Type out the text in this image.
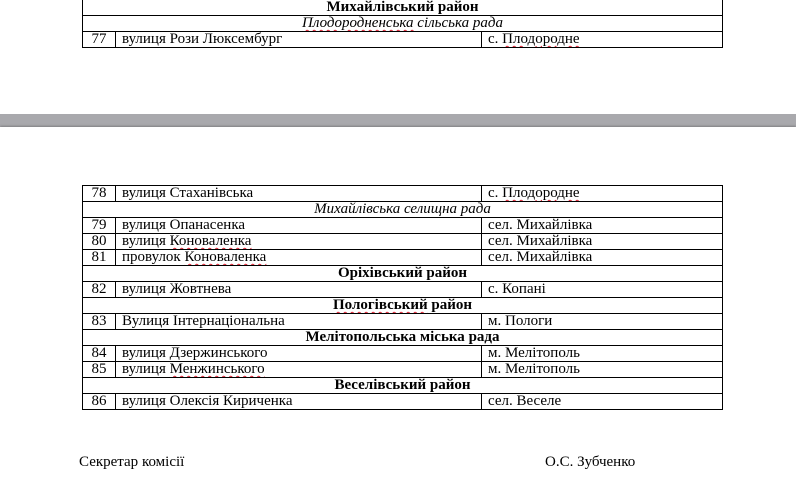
Михайлівський район		
Плодородненська сільська рада		
77	вулиця Рози Люксембург	с. Плодородне
78	вулиця Стаханівська	с. Плодородне
Михайлівська селищна рада		
79	вулиця Опанасенка	сел. Михайлівка
80	вулиця Коноваленка	сел. Михайлівка
81	провулок Коноваленка	сел. Михайлівка
Оріхівський район		
82	вулиця Жовтнева	с. Копані
Пологівський район		
83	Вулиця Інтернаціональна	м. Пологи
Мелітопольська міська рада		
84	вулиця Дзержинського	м. Мелітополь
85	вулиця Менжинського	м. Мелітополь
Веселівський район		
86	вулиця Олексія Кириченка	сел. Веселе
Секретар комісії	О.С. Зубченко
